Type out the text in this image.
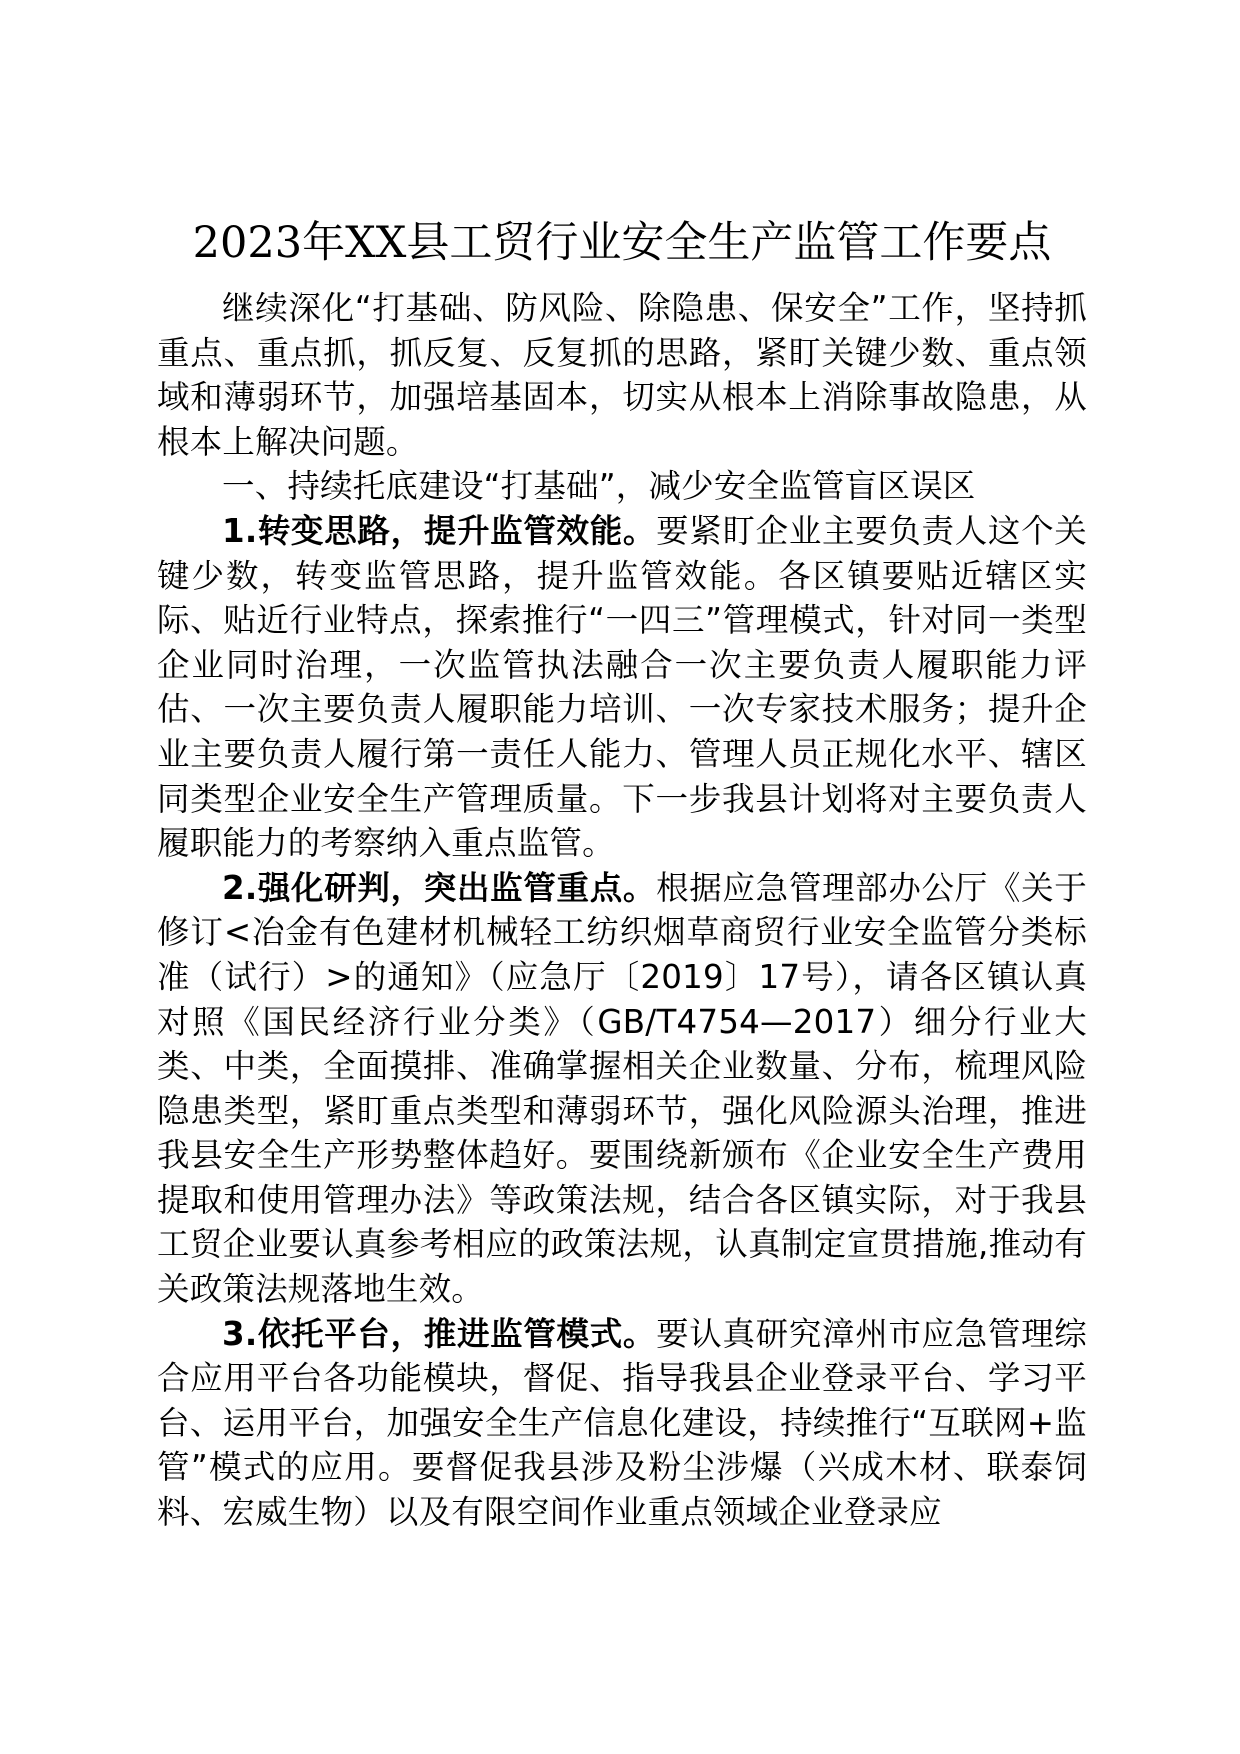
2023年XX县工贸行业安全生产监管工作要点

继续深化“打基础、防风险、除隐患、保安全”工作，坚持抓重点、重点抓，抓反复、反复抓的思路，紧盯关键少数、重点领域和薄弱环节，加强培基固本，切实从根本上消除事故隐患，从根本上解决问题。

一、持续托底建设“打基础”，减少安全监管盲区误区

1.转变思路，提升监管效能。要紧盯企业主要负责人这个关键少数，转变监管思路，提升监管效能。各区镇要贴近辖区实际、贴近行业特点，探索推行“一四三”管理模式，针对同一类型企业同时治理，一次监管执法融合一次主要负责人履职能力评估、一次主要负责人履职能力培训、一次专家技术服务；提升企业主要负责人履行第一责任人能力、管理人员正规化水平、辖区同类型企业安全生产管理质量。下一步我县计划将对主要负责人履职能力的考察纳入重点监管。

2.强化研判，突出监管重点。根据应急管理部办公厅《关于修订<冶金有色建材机械轻工纺织烟草商贸行业安全监管分类标准（试行）>的通知》（应急厅〔2019〕17号），请各区镇认真对照《国民经济行业分类》（GB/T4754—2017）细分行业大类、中类，全面摸排、准确掌握相关企业数量、分布，梳理风险隐患类型，紧盯重点类型和薄弱环节，强化风险源头治理，推进我县安全生产形势整体趋好。要围绕新颁布《企业安全生产费用提取和使用管理办法》等政策法规，结合各区镇实际，对于我县工贸企业要认真参考相应的政策法规，认真制定宣贯措施,推动有关政策法规落地生效。

3.依托平台，推进监管模式。要认真研究漳州市应急管理综合应用平台各功能模块，督促、指导我县企业登录平台、学习平台、运用平台，加强安全生产信息化建设，持续推行“互联网+监管”模式的应用。要督促我县涉及粉尘涉爆（兴成木材、联泰饲料、宏威生物）以及有限空间作业重点领域企业登录应
